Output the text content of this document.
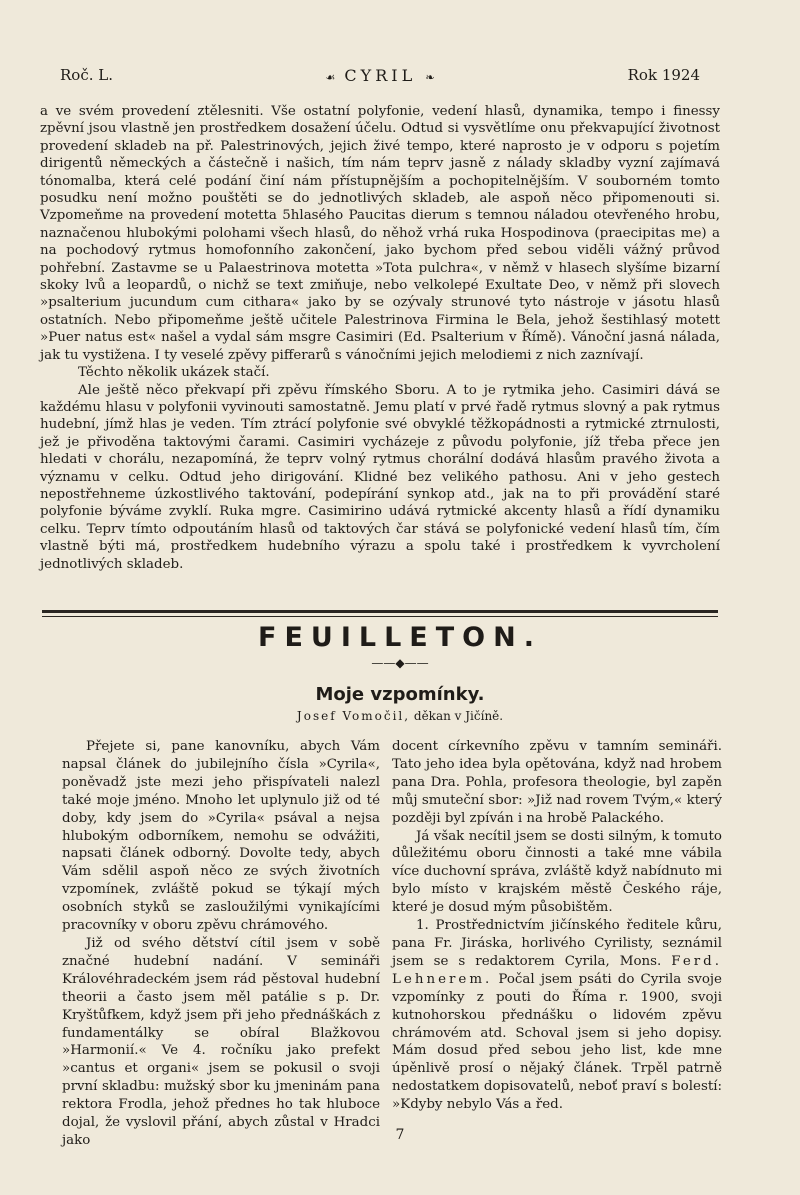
Roč. L.	☙ CYRIL ❧	Rok 1924

a ve svém provedení ztělesniti. Vše ostatní polyfonie, vedení hlasů, dynamika, tempo i finessy zpěvní jsou vlastně jen prostředkem dosažení účelu. Odtud si vysvětlíme onu překvapující životnost provedení skladeb na př. Palestrinových, jejich živé tempo, které naprosto je v odporu s pojetím dirigentů německých a částečně i našich, tím nám teprv jasně z nálady skladby vyzní zajímavá tónomalba, která celé podání činí nám přístupnějším a pochopitelnějším. V souborném tomto posudku není možno pouštěti se do jednotlivých skladeb, ale aspoň něco připomenouti si. Vzpomeňme na provedení motetta 5hlasého Paucitas dierum s temnou náladou otevřeného hrobu, naznačenou hlubokými polohami všech hlasů, do něhož vrhá ruka Hospodinova (praecipitas me) a na pochodový rytmus homofonního zakončení, jako bychom před sebou viděli vážný průvod pohřební. Zastavme se u Palaestrinova motetta »Tota pulchra«, v němž v hlasech slyšíme bizarní skoky lvů a leopardů, o nichž se text zmiňuje, nebo velkolepé Exultate Deo, v němž při slovech »psalterium jucundum cum cithara« jako by se ozývaly strunové tyto nástroje v jásotu hlasů ostatních. Nebo připomeňme ještě učitele Palestrinova Firmina le Bela, jehož šestihlasý motett »Puer natus est« našel a vydal sám msgre Casimiri (Ed. Psalterium v Římě). Vánoční jasná nálada, jak tu vystižena. I ty veselé zpěvy pifferarů s vánočními jejich melodiemi z nich zaznívají.

Těchto několik ukázek stačí.

Ale ještě něco překvapí při zpěvu římského Sboru. A to je rytmika jeho. Casimiri dává se každému hlasu v polyfonii vyvinouti samostatně. Jemu platí v prvé řadě rytmus slovný a pak rytmus hudební, jímž hlas je veden. Tím ztrácí polyfonie své obvyklé těžkopádnosti a rytmické ztrnulosti, jež je přivoděna taktovými čarami. Casimiri vycházeje z původu polyfonie, jíž třeba přece jen hledati v chorálu, nezapomíná, že teprv volný rytmus chorální dodává hlasům pravého života a významu v celku. Odtud jeho dirigování. Klidné bez velikého pathosu. Ani v jeho gestech nepostřehneme úzkostlivého taktování, podepírání synkop atd., jak na to při provádění staré polyfonie býváme zvyklí. Ruka mgre. Casimirino udává rytmické akcenty hlasů a řídí dynamiku celku. Teprv tímto odpoutáním hlasů od taktových čar stává se polyfonické vedení hlasů tím, čím vlastně býti má, prostředkem hudebního výrazu a spolu také i prostředkem k vyvrcholení jednotlivých skladeb.

FEUILLETON.
——◆——
Moje vzpomínky.
Josef Vomočil, děkan v Jičíně.

Přejete si, pane kanovníku, abych Vám napsal článek do jubilejního čísla »Cyrila«, poněvadž jste mezi jeho přispívateli nalezl také moje jméno. Mnoho let uplynulo již od té doby, kdy jsem do »Cyrila« psával a nejsa hlubokým odborníkem, nemohu se odvážiti, napsati článek odborný. Dovolte tedy, abych Vám sdělil aspoň něco ze svých životních vzpomínek, zvláště pokud se týkají mých osobních styků se zasloužilými vynikajícími pracovníky v oboru zpěvu chrámového.

Již od svého dětství cítil jsem v sobě značné hudební nadání. V semináři Královéhradeckém jsem rád pěstoval hudební theorii a často jsem měl patálie s p. Dr. Kryštůfkem, když jsem při jeho přednáškách z fundamentálky se obíral Blažkovou »Harmonií.« Ve 4. ročníku jako prefekt »cantus et organi« jsem se pokusil o svoji první skladbu: mužský sbor ku jmeninám pana rektora Frodla, jehož přednes ho tak hluboce dojal, že vyslovil přání, abych zůstal v Hradci jako

docent církevního zpěvu v tamním semináři. Tato jeho idea byla opětována, když nad hrobem pana Dra. Pohla, profesora theologie, byl zapěn můj smuteční sbor: »Již nad rovem Tvým,« který později byl zpíván i na hrobě Palackého.

Já však necítil jsem se dosti silným, k tomuto důležitému oboru činnosti a také mne vábila více duchovní správa, zvláště když nabídnuto mi bylo místo v krajském městě Českého ráje, které je dosud mým působištěm.

1. Prostřednictvím jičínského ředitele kůru, pana Fr. Jiráska, horlivého Cyrilisty, seznámil jsem se s redaktorem Cyrila, Mons. Ferd. Lehnerem. Počal jsem psáti do Cyrila svoje vzpomínky z pouti do Říma r. 1900, svoji kutnohorskou přednášku o lidovém zpěvu chrámovém atd. Schoval jsem si jeho dopisy. Mám dosud před sebou jeho list, kde mne úpěnlivě prosí o nějaký článek. Trpěl patrně nedostatkem dopisovatelů, neboť praví s bolestí: »Kdyby nebylo Vás a řed.

7
